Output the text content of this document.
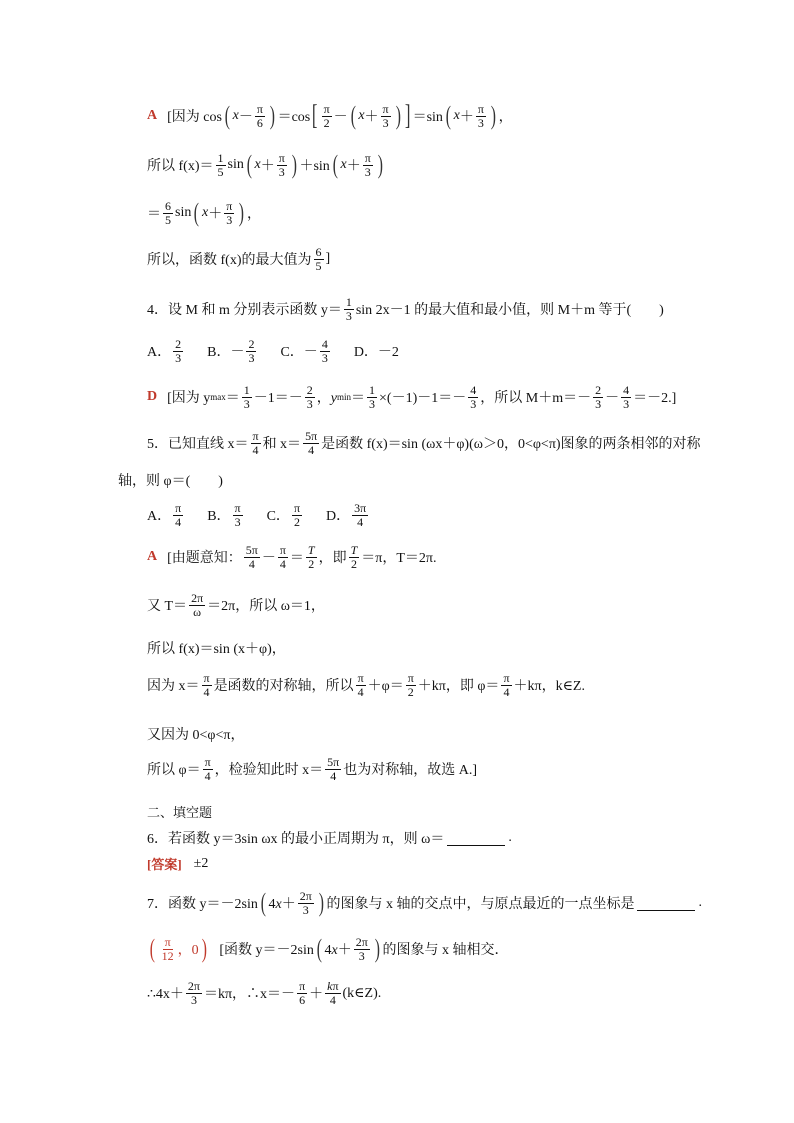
A [因为 cos ( $x - \frac{\pi}{6}$ ) ＝cos [ $\frac{\pi}{2}$ － ( $x + \frac{\pi}{3}$ ) ] ＝sin ( $x + \frac{\pi}{3}$ ) ，
所以 $f(x)= \frac{1}{5}$ sin ( $x + \frac{\pi}{3}$ ) ＋sin ( $x + \frac{\pi}{3}$ )
＝ $\frac{6}{5}$ sin ( $x + \frac{\pi}{3}$ ) ，
所以，函数 f(x)的最大值为 $\frac{6}{5}$ ]
4．设 M 和 m 分别表示函数 $y= \frac{1}{3}$ sin 2x－1 的最大值和最小值，则 M＋m 等于(　　)
A． $\frac{2}{3}$ B．－ $\frac{2}{3}$ C．－ $\frac{4}{3}$ D．－2
D [因为 y $\max = \frac{1}{3} -1=- \frac{2}{3}$ ，y $\min = \frac{1}{3} \times(-1)-1=- \frac{4}{3}$ ，所以 $M+m=- \frac{2}{3} - \frac{4}{3} =-2$.]
5．已知直线 $x= \frac{\pi}{4}$ 和 $x= \frac{5\pi}{4}$ 是函数 f(x)＝sin (ωx＋φ)(ω＞0，0<φ<π)图象的两条相邻的对称
轴，则 φ＝(　　)
A． $\frac{\pi}{4}$ B． $\frac{\pi}{3}$ C． $\frac{\pi}{2}$ D． $\frac{3\pi}{4}$
A [由题意知： $\frac{5\pi}{4} - \frac{\pi}{4} = \frac{T}{2}$ ，即 $\frac{T}{2} =\pi$，T＝2π.
又 $T= \frac{2\pi}{\omega} =2\pi$，所以 ω＝1，
所以 f(x)＝sin (x＋φ)，
因为 $x= \frac{\pi}{4}$ 是函数的对称轴，所以 $\frac{\pi}{4} +\varphi= \frac{\pi}{2} +k\pi$，即 $\varphi= \frac{\pi}{4} +k\pi$，k∈Z.
又因为 0<φ<π，
所以 $\varphi= \frac{\pi}{4}$ ，检验知此时 $x= \frac{5\pi}{4}$ 也为对称轴，故选 A.]
二、填空题
6．若函数 y＝3sin ωx 的最小正周期为 π，则 ω＝	.
[答案] ±2
7．函数 y＝－2sin ( $4x+ \frac{2\pi}{3}$ ) 的图象与 x 轴的交点中，与原点最近的一点坐标是	.
( $\frac{\pi}{12}$ ，0 ) [函数 y＝－2sin ( $4x+ \frac{2\pi}{3}$ ) 的图象与 x 轴相交．
∴4x＋ $\frac{2\pi}{3} =k\pi$，∴x＝－ $\frac{\pi}{6} + \frac{k\pi}{4}$ (k∈Z).
